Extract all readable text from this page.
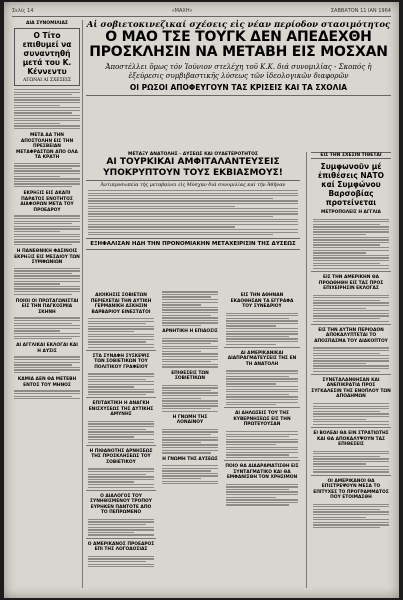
Σελίς 14	«ΜΑΧΗ»	ΣΑΒΒΑΤΟΝ 11 ΙΑΝ 1964
ΔΙΑ ΣΥΝΟΜΙΛΙΑΣ
Ο Τίτο επιθυμεί να συναντηθή μετά του Κ. Κέννεντυ
ΑΓΩΝΑΙ ΑΙ ΣΧΕΣΕΙΣ
ΜΕΤΑ ΔΑ ΤΗΝ ΑΠΟΣΤΟΛΗΝ ΕΙΣ ΤΗΝ ΠΡΕΣΒΕΙΑΝ ΜΕΤΑΦΡΑΣΤΩΝ ΑΠΟ ΟΛΑ ΤΑ ΚΡΑΤΗ
ΕΚΡΗΞΙΣ ΕΙΣ ΑΚΑΠΙ ΠΑΡΑΤΟΣ ΕΝΟΤΗΤΟΣ ΔΙΑΦΟΡΩΝ ΜΕΤΑ ΤΟΥ ΠΡΟΕΔΡΟΥ
Η ΠΑΝΕΘΝΙΚΗ ΦΑΣΙΝΟΙΣ ΕΚΡΗΞΙΣ ΕΙΣ ΜΕΣΑΙΟΥ ΤΩΝ ΣΥΜΦΩΝΙΩΝ
ΠΟΙΟΙ ΟΙ ΠΡΩΤΑΓΩΝΙΣΤΑΙ ΕΙΣ ΤΗΝ ΠΑΓΚΟΣΜΙΑ ΣΚΗΝΗ
ΑΙ ΑΓΓΛΙΚΑΙ ΕΚΛΟΓΑΙ ΚΑΙ Η ΔΥΣΙΣ
ΚΑΜΙΑ ΔΕΝ ΘΑ ΜΕΤΕΒΗ ΕΝΤΟΣ ΤΟΥ ΜΗΝΟΣ
Αἱ σοβιετοκινεζικαί σχέσεις εἰς νέαν περίοδον στασιμότητος
Ο ΜΑΟ ΤΣΕ ΤΟΥΓΚ ΔΕΝ ΑΠΕΔΕΧΘΗ ΠΡΟΣΚΛΗΣΙΝ ΝΑ ΜΕΤΑΒΗ ΕΙΣ ΜΟΣΧΑΝ
Ἀποστέλλει ὅμως τόν Ἰούνιον στελέχη τοῦ Κ.Κ. διά συνομιλίας - Σκοπός ἡ ἐξεύρεσις συμβιβαστικῆς λύσεως τῶν ἰδεολογικῶν διαφορῶν
ΟΙ ΡΩΣΟΙ ΑΠΟΦΕΥΓΟΥΝ ΤΑΣ ΚΡΙΣΕΙΣ ΚΑΙ ΤΑ ΣΧΟΛΙΑ
ΜΕΤΑΞΥ ΑΝΑΤΟΛΗΣ - ΔΥΣΕΩΣ ΚΑΙ ΟΥΔΕΤΕΡΟΤΗΤΟΣ
ΑΙ ΤΟΥΡΚΙΚΑΙ ΑΜΦΙΤΑΛΑΝΤΕΥΣΕΙΣ ΥΠΟΚΡΥΠΤΟΥΝ ΤΟΥΣ ΕΚΒΙΑΣΜΟΥΣ!
Ἀντιπροσωπεία τῆς μεταβαίνει εἰς Μόσχαν διά συνομιλίας καί τήν Ἀθήναν
ΕΞΗΦΑΛΙΣΑΝ ΗΔΗ ΤΗΝ ΠΡΟΝΟΜΙΑΚΗΝ ΜΕΤΑΧΕΙΡΙΣΙΝ ΤΗΣ ΔΥΣΕΩΣ
ΕΙΣ ΤΗΝ ΣΧΕΣΙΝ ΤΙΘΕΤΑΙ
Συμφωνοῦν μέ ἐπιθέσεις ΝΑΤΟ καί Συμφώνου Βαρσοβίας προτείνεται
ΜΕΤΡΟΠΟΛΕΙΣ Η ΑΓΓΛΙΑ
ΕΙΣ ΤΗΝ ΑΜΕΡΙΚΗΝ ΘΑ ΠΡΟΩΘΗΘΗ ΕΙΣ ΤΑΣ ΠΡΟΣ ΕΠΙΧΕΙΡΗΣΙΝ ΕΚΛΟΓΑΣ
ΕΙΣ ΤΗΝ ΑΥΤΗΝ ΠΕΡΙΟΔΟΝ ΑΠΟΚΑΛΥΠΤΕΤΑΙ ΤΟ ΑΠΟΣΠΑΣΜΑ ΤΟΥ ΔΙΑΚΟΠΤΟΥ
ΣΥΝΕΤΑΛΑΝΘΗΣΑΝ ΚΑΙ ΑΝΕΠΙΚΡΑΤΙΑ ΠΡΟΣ ΣΥΓΚΑΛΕΣΙΝ ΤΗΣ ΕΝΟΠΛΟΥ ΤΩΝ ΑΠΟΔΗΜΩΝ
ΕΙ ΒΟΛΕΑΙ ΘΑ ΕΙΝ ΣΤΡΑΤΙΩΤΗΣ ΚΑΙ ΘΑ ΑΠΟΚΑΛΥΨΟΥΝ ΤΑΣ ΕΠΙΘΕΣΕΙΣ
ΟΙ ΑΜΕΡΙΚΑΝΟΙ ΘΑ ΕΠΙΣΤΡΕΨΟΥΝ ΜΕΣΑ ΤΟ ΕΠΙΤΥΧΕΣ ΤΟ ΠΡΟΓΡΑΜΜΑΤΟΣ ΠΟΥ ΕΤΟΙΜΑΣΘΗ
ΔΙΟΙΚΗΣΙΣ ΣΟΒΙΕΤΩΝ ΠΕΡΙΕΧΕΤΑΙ ΤΗΝ ΔΥΤΙΚΗ ΓΕΡΜΑΝΙΚΗ ΑΣΚΗΣΙΝ ΒΑΡΒΑΡΙΟΥ ΕΙΝΕΣΤΑΤΟΙ
ΣΤΑ ΣΥΝΑΦΗ ΣΥΣΚΕΨΙΣ ΤΩΝ ΣΟΒΙΕΤΙΚΩΝ ΤΟΥ ΠΟΛΙΤΙΚΟΥ ΓΡΑΦΕΙΟΥ
ΕΠΙΤΑΚΤΙΚΗ Η ΑΝΑΓΚΗ ΕΝΙΣΧΥΣΕΩΣ ΤΗΣ ΔΥΤΙΚΗΣ ΑΜΥΝΗΣ
Η ΠΙΘΑΝΟΤΗΣ ΑΡΝΗΣΕΩΣ ΤΗΣ ΠΡΟΣΚΛΗΣΕΩΣ ΤΟΥ ΣΟΒΙΕΤΙΚΟΥ
Ο ΔΙΑΛΟΓΟΣ ΤΟΥ ΣΥΝΗΘΙΣΜΕΝΟΥ ΤΡΟΠΟΥ ΕΥΡΗΚΕΝ ΠΑΝΤΟΤΕ ΑΠΟ ΤΟ ΠΕΠΡΩΜΕΝΟ
Ο ΑΜΕΡΙΚΑΝΟΣ ΠΡΟΕΔΡΟΣ ΕΠΙ ΤΗΣ ΛΟΓΟΔΟΣΙΑΣ
ΑΡΝΗΤΙΚΗ Η ΕΠΙΔΟΣΙΣ
ΕΠΙΘΕΣΕΙΣ ΤΩΝ ΣΟΒΙΕΤΙΚΩΝ
Η ΓΝΩΜΗ ΤΗΣ ΛΟΝΔΙΝΟΥ
Η ΓΝΩΜΗ ΤΗΣ ΔΥΣΕΩΣ
ΕΙΣ ΤΗΝ ΑΘΗΝΑΝ ΕΚΔΟΘΗΣΑΝ ΤΑ ΕΓΓΡΑΦΑ ΤΟΥ ΣΥΝΕΔΡΙΟΥ
ΑΙ ΑΜΕΡΙΚΑΝΙΚΑΙ ΔΙΑΠΡΑΓΜΑΤΕΥΣΕΙΣ ΤΗΣ ΕΝ ΤΗ ΑΝΑΤΟΛΗ
ΑΙ ΔΗΛΩΣΕΙΣ ΤΟΥ ΤΗΣ ΚΥΒΕΡΝΗΣΕΩΣ ΕΙΣ ΤΗΝ ΠΡΩΤΕΥΟΥΣΑΝ
ΠΟΙΟ ΘΑ ΔΙΑΔΡΑΜΑΤΙΣΘΗ ΕΙΣ ΣΥΝΤΑΓΜΑΤΙΚΟ ΚΑΙ ΘΑ ΕΜΦΑΝΙΣΘΗ ΤΟΝ ΧΡΗΣΙΜΟΝ
